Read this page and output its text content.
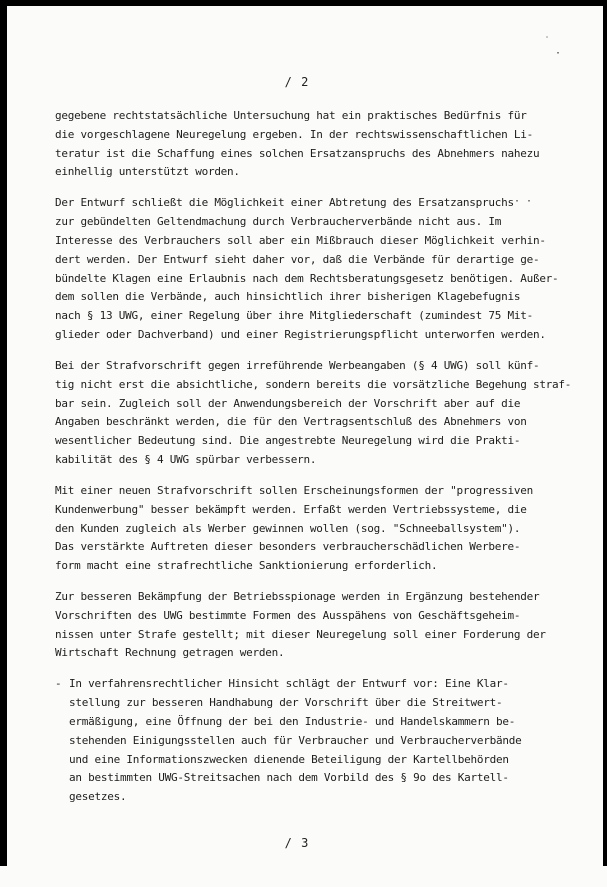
/ 2
˙
·
· ·
gegebene rechtstatsächliche Untersuchung hat ein praktisches Bedürfnis für
die vorgeschlagene Neuregelung ergeben. In der rechtswissenschaftlichen Li-
teratur ist die Schaffung eines solchen Ersatzanspruchs des Abnehmers nahezu
einhellig unterstützt worden.
Der Entwurf schließt die Möglichkeit einer Abtretung des Ersatzanspruchs
zur gebündelten Geltendmachung durch Verbraucherverbände nicht aus. Im
Interesse des Verbrauchers soll aber ein Mißbrauch dieser Möglichkeit verhin-
dert werden. Der Entwurf sieht daher vor, daß die Verbände für derartige ge-
bündelte Klagen eine Erlaubnis nach dem Rechtsberatungsgesetz benötigen. Außer-
dem sollen die Verbände, auch hinsichtlich ihrer bisherigen Klagebefugnis
nach § 13 UWG, einer Regelung über ihre Mitgliederschaft (zumindest 75 Mit-
glieder oder Dachverband) und einer Registrierungspflicht unterworfen werden.
Bei der Strafvorschrift gegen irreführende Werbeangaben (§ 4 UWG) soll künf-
tig nicht erst die absichtliche, sondern bereits die vorsätzliche Begehung straf-
bar sein. Zugleich soll der Anwendungsbereich der Vorschrift aber auf die
Angaben beschränkt werden, die für den Vertragsentschluß des Abnehmers von
wesentlicher Bedeutung sind. Die angestrebte Neuregelung wird die Prakti-
kabilität des § 4 UWG spürbar verbessern.
Mit einer neuen Strafvorschrift sollen Erscheinungsformen der "progressiven
Kundenwerbung" besser bekämpft werden. Erfaßt werden Vertriebssysteme, die
den Kunden zugleich als Werber gewinnen wollen (sog. "Schneeballsystem").
Das verstärkte Auftreten dieser besonders verbraucherschädlichen Werbere-
form macht eine strafrechtliche Sanktionierung erforderlich.
Zur besseren Bekämpfung der Betriebsspionage werden in Ergänzung bestehender
Vorschriften des UWG bestimmte Formen des Ausspähens von Geschäftsgeheim-
nissen unter Strafe gestellt; mit dieser Neuregelung soll einer Forderung der
Wirtschaft Rechnung getragen werden.
- In verfahrensrechtlicher Hinsicht schlägt der Entwurf vor: Eine Klar-
stellung zur besseren Handhabung der Vorschrift über die Streitwert-
ermäßigung, eine Öffnung der bei den Industrie- und Handelskammern be-
stehenden Einigungsstellen auch für Verbraucher und Verbraucherverbände
und eine Informationszwecken dienende Beteiligung der Kartellbehörden
an bestimmten UWG-Streitsachen nach dem Vorbild des § 9o des Kartell-
gesetzes.
/ 3
